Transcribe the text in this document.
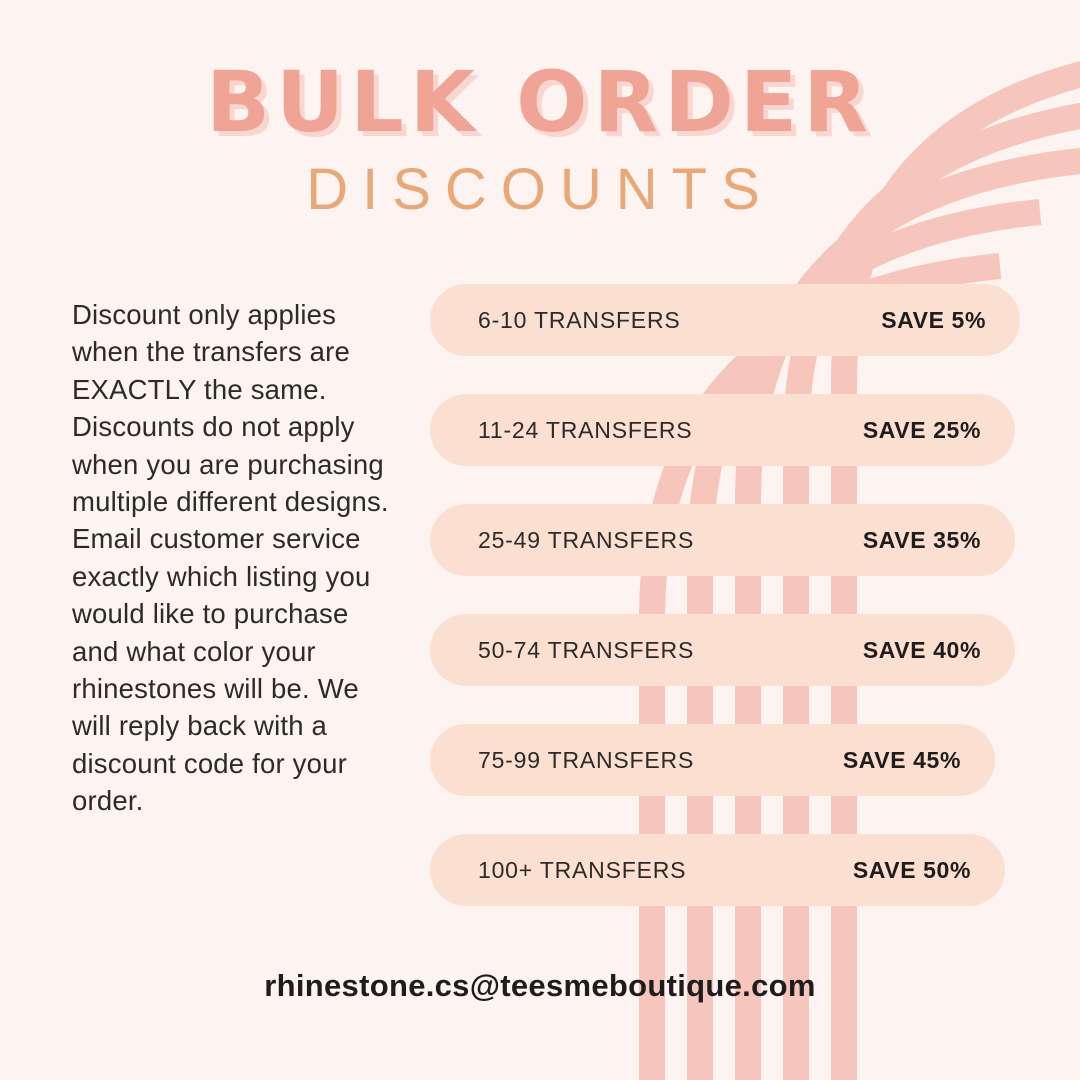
BULK ORDER
DISCOUNTS
Discount only applies when the transfers are EXACTLY the same. Discounts do not apply when you are purchasing multiple different designs. Email customer service exactly which listing you would like to purchase and what color your rhinestones will be. We will reply back with a discount code for your order.
6-10 TRANSFERS	SAVE 5%
11-24 TRANSFERS	SAVE 25%
25-49 TRANSFERS	SAVE 35%
50-74 TRANSFERS	SAVE 40%
75-99 TRANSFERS	SAVE 45%
100+ TRANSFERS	SAVE 50%
rhinestone.cs@teesmeboutique.com
